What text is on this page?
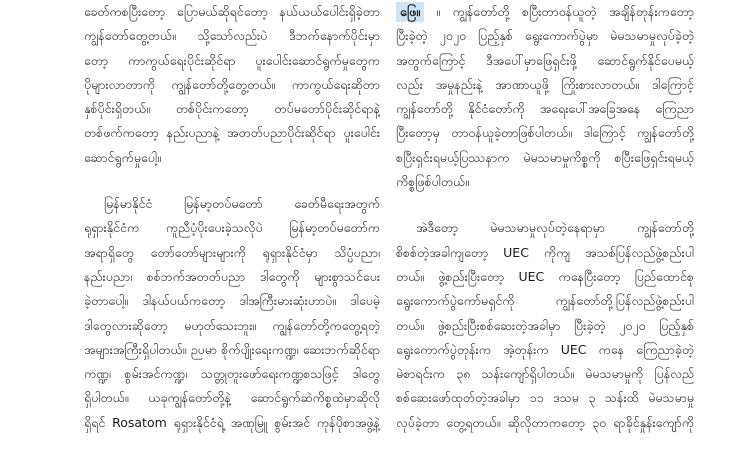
ခေတ်ကစပြီးတော့ ပြောမယ်ဆိုရင်တော့ နယ်ယယ်ပေါင်းရှိခဲ့တာ
ကျွန်တော်တွေ့တယ်။ သို့သော်လည်းပဲ ဒီဘက်နောက်ပိုင်းမှာ
တော့ ကာကွယ်ရေးပိုင်းဆိုင်ရာ ပူးပေါင်းဆောင်ရွက်မှုတွေက
ပိုများလာတာကို ကျွန်တော်တို့တွေ့တယ်။ ကာကွယ်ရေးဆိုတာ
နှစ်ပိုင်းရှိတယ်။ တစ်ပိုင်းကတော့ တပ်မတော်ပိုင်းဆိုင်ရာနဲ့
တစ်ဖက်ကတော့ နည်းပညာနဲ့ အတတ်ပညာပိုင်းဆိုင်ရာ ပူးပေါင်း
ဆောင်ရွက်မှုပေါ့။
မြန်မာနိုင်ငံ မြန်မာ့တပ်မတော် ခေတ်မီရေးအတွက်
ရုရှားနိုင်ငံက ကူညီပံ့ပိုးပေးခဲ့သလိုပဲ မြန်မာ့တပ်မတော်က
အရာရှိတွေ တော်တော်များများကို ရုရှားနိုင်ငံမှာ သိပ္ပံပညာ၊
နည်းပညာ၊ စစ်ဘက်အတတ်ပညာ ဒါတွေကို များစွာသင်ပေး
ခဲ့တာပေါ့။ ဒါနယ်ပယ်ကတော့ ဒါအကြီးမားဆုံးဟာပဲ။ ဒါပေမဲ့
ဒါတွေလားဆိုတော့ မဟုတ်သေးဘူး။ ကျွန်တော်တို့ကတွေ့ရတဲ့
အများအကြီးရှိပါတယ်။ ဉပမာ စိုက်ပျိုးရေးကဏ္ဍ၊ ဆေးဘက်ဆိုင်ရာ
ကဏ္ဍ၊ စွမ်းအင်ကဏ္ဍ၊ သတ္တုတူးဖော်ရေးကဏ္ဍစသဖြင့် ဒါတွေ
ရှိပါတယ်။ ယခုကျွန်တော်တို့နဲ့ ဆောင်ရွက်ဆဲကိစ္စထဲမှာဆိုလို
ရှိရင် Rosatom ရုရှားနိုင်ငံရဲ့ အဏုမြူ စွမ်းအင် ကုန်ပိုစာအဖွဲ့နဲ့
ဖြေ။ ။ ကျွန်တော်တို့ စပြီးတာဝန်ယူတဲ့ အချိန်တုန်းကတော့
ပြီးခဲ့တဲ့ ၂၀၂၀ ပြည့်နှစ် ရွေးကောက်ပွဲမှာ မဲမသမာမှုလုပ်ခဲ့တဲ့
အတွက်ကြောင့် ဒီအပေါ်မှာဖြေရှင်းဖို့ ဆောင်ရွက်နိုင်ပေမယ့်
လည်း အမှုနည်းနဲ့ အာဏာယူဖို့ ကြိုးစားလာတယ်။ ဒါကြောင့်
ကျွန်တော်တို့ နိုင်ငံတော်ကို အရေးပေါ်အခြေအနေ ကြေညာ
ပြီးတော့မှ တာဝန်ယူခဲ့တာဖြစ်ပါတယ်။ ဒါကြောင့် ကျွန်တော်တို့
စပြီးရှင်းရမယ့်ပြဿနာက မဲမသမာမှုကိစ္စကို စပြီးဖြေရှင်းရမယ့်
ကိစ္စဖြစ်ပါတယ်။
အဲဒီတော့ မဲမသမာမှုလုပ်တဲ့နေရာမှာ ကျွန်တော်တို့
စိစစ်တဲ့အခါကျတော့ UEC ကိုကျ အသစ်ပြန်လည်ဖွဲ့စည်းပါ
တယ်။ ဖွဲ့စည်းပြီးတော့ UEC ကနေပြီးတော့ ပြည်ထောင်စု
ရွေးကောက်ပွဲကော်မရှင်ကို ကျွန်တော်တို့ပြန်လည်ဖွဲ့စည်းပါ
တယ်။ ဖွဲ့စည်းပြီးစစ်ဆေးတဲ့အခါမှာ ပြီးခဲ့တဲ့ ၂၀၂၀ ပြည့်နှစ်
ရွေးကောက်ပွဲတုန်းက အဲ့တုန်းက UEC ကနေ ကြေညာခဲ့တဲ့
မဲစာရင်းက ၃၈ သန်းကျော်ရှိပါတယ်။ မဲမသမာမှုကို ပြန်လည်
စစ်ဆေးဖော်ထုတ်တဲ့အခါမှာ ၁၁ ဒသမ ၃ သန်းထိ မဲမသမာမှု
လုပ်ခဲ့တာ တွေ့ရတယ်။ ဆိုလိုတာကတော့ ၃၀ ရာခိုင်နှုန်းကျော်ကို
